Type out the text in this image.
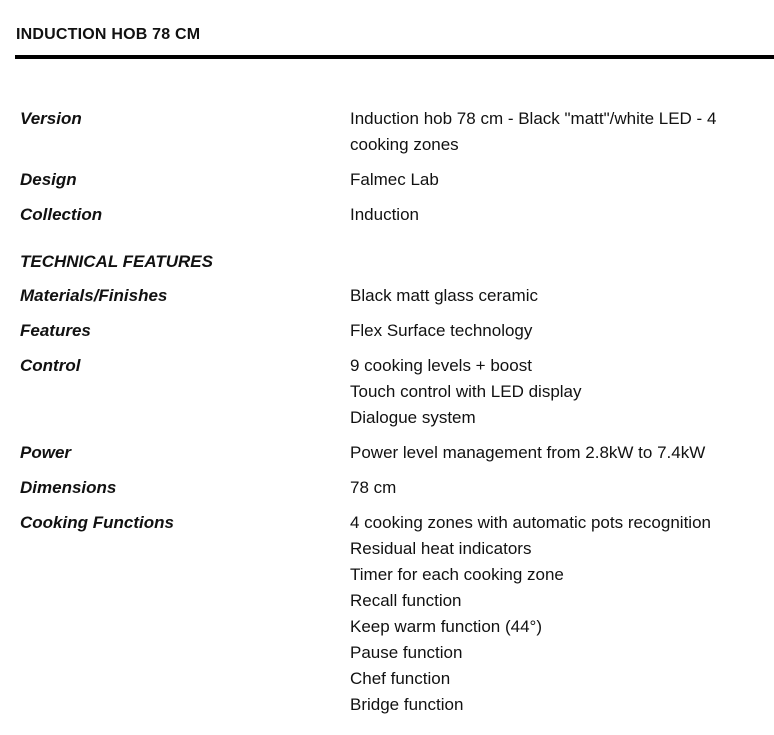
INDUCTION HOB 78 CM
Version	Induction hob 78 cm - Black "matt"/white LED - 4 cooking zones
Design	Falmec Lab
Collection	Induction
TECHNICAL FEATURES
Materials/Finishes	Black matt glass ceramic
Features	Flex Surface technology
Control	9 cooking levels + boost
Touch control with LED display
Dialogue system
Power	Power level management from 2.8kW to 7.4kW
Dimensions	78 cm
Cooking Functions	4 cooking zones with automatic pots recognition
Residual heat indicators
Timer for each cooking zone
Recall function
Keep warm function (44°)
Pause function
Chef function
Bridge function
